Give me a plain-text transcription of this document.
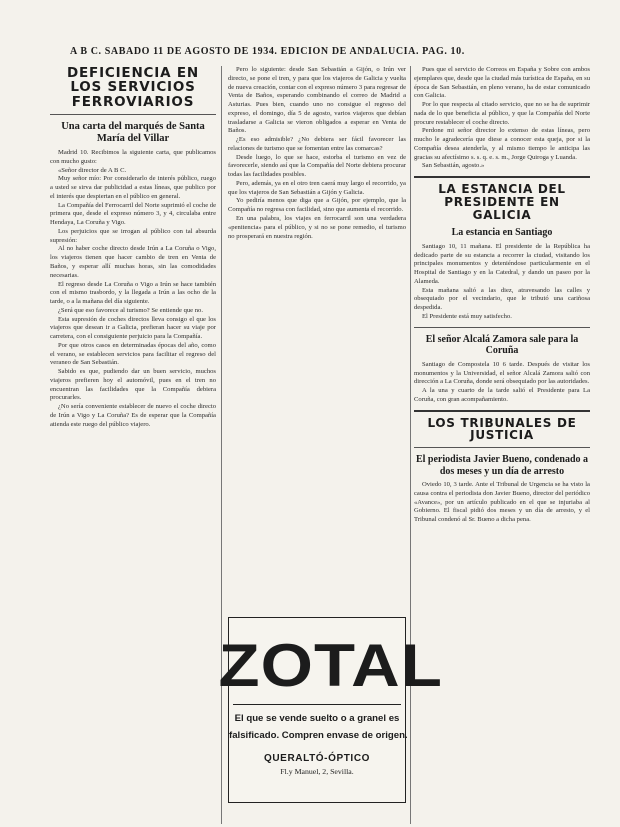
A B C. SABADO 11 DE AGOSTO DE 1934. EDICION DE ANDALUCIA. PAG. 10.
DEFICIENCIA EN LOS SERVICIOS FERROVIARIOS
Una carta del marqués de Santa María del Villar

Madrid 10. Recibimos la siguiente carta, que publicamos con mucho gusto:

«Señor director de A B C.

Muy señor mío: Por considerarlo de interés público, ruego a usted se sirva dar publicidad a estas líneas, que publico por el interés que despiertan en el público en general.

La Compañía del Ferrocarril del Norte suprimió el coche de primera que, desde el expreso número 3, y 4, circulaba entre Hendaya, La Coruña y Vigo.

Los perjuicios que se irrogan al público con tal absurda supresión:

Al no haber coche directo desde Irún a La Coruña o Vigo, los viajeros tienen que hacer cambio de tren en Venta de Baños, y esperar allí muchas horas, sin las comodidades necesarias.

El regreso desde La Coruña o Vigo a Irún se hace también con el mismo trasbordo, y la llegada a Irún a las ocho de la tarde, o a la mañana del día siguiente.

¿Será que eso favorece al turismo? Se entiende que no.

Esta supresión de coches directos lleva consigo el que los viajeros que desean ir a Galicia, prefieran hacer su viaje por carretera, con el consiguiente perjuicio para la Compañía.

Por que otros casos en determinadas épocas del año, como el verano, se establecen servicios para facilitar el regreso del veraneo de San Sebastián.

Sabido es que, pudiendo dar un buen servicio, muchos viajeros prefieren hoy el automóvil, pues en el tren no encuentran las facilidades que la Compañía debiera procurarles.

¿No sería conveniente establecer de nuevo el coche directo de Irún a Vigo y La Coruña? Es de esperar que la Compañía atienda este ruego del público viajero.

Pero lo siguiente: desde San Sebastián a Gijón, o Irún ver directo, se pone el tren, y para que los viajeros de Galicia y vuelta de nueva creación, contar con el expreso número 3 para regresar de Venta de Baños, esperando combinando el correo de Madrid a Asturias. Pues bien, cuando uno no consigue el regreso del expreso, el domingo, día 5 de agosto, varios viajeros que debían trasladarse a Galicia se vieron obligados a esperar en Venta de Baños.

¿Es eso admisible? ¿No debiera ser fácil favorecer las relaciones de turismo que se fomentan entre las comarcas?

Desde luego, lo que se hace, estorba el turismo en vez de favorecerle, siendo así que la Compañía del Norte debiera procurar todas las facilidades posibles.

Pero, además, ya en el otro tren caerá muy largo el recorrido, ya que los viajeros de San Sebastián a Gijón y Galicia.

Yo pediría menos que diga que a Gijón, por ejemplo, que la Compañía no regresa con facilidad, sino que aumenta el recorrido.

En una palabra, los viajes en ferrocarril son una verdadera «penitencia» para el público, y si no se pone remedio, el turismo no prosperará en nuestra región.

ZOTAL
El que se vende suelto o a granel es
falsificado. Compren envase de origen.
QUERALTÓ-ÓPTICO
Fl.y Manuel, 2, Sevilla.

Pues que el servicio de Correos en España y Sobre con ambos ejemplares que, desde que la ciudad más turística de España, en su época de San Sebastián, en pleno verano, ha de estar comunicado con Galicia.

Por lo que respecta al citado servicio, que no se ha de suprimir nada de lo que beneficia al público, y que la Compañía del Norte procure restablecer el coche directo.

Perdone mi señor director lo extenso de estas líneas, pero mucho le agradecería que diese a conocer esta queja, por si la Compañía desea atenderla, y al mismo tiempo le anticipa las gracias su afectísimo s. s. q. e. s. m., Jorge Quiroga y Luanda.

San Sebastián, agosto.»

LA ESTANCIA DEL PRESIDENTE EN GALICIA
La estancia en Santiago

Santiago 10, 11 mañana. El presidente de la República ha dedicado parte de su estancia a recorrer la ciudad, visitando los principales monumentos y deteniéndose particularmente en el Hospital de Santiago y en la Catedral, y dando un paseo por la Alameda.

Esta mañana salió a las diez, atravesando las calles y obsequiado por el vecindario, que le tributó una cariñosa despedida.

El Presidente está muy satisfecho.

El señor Alcalá Zamora sale para la Coruña

Santiago de Compostela 10 6 tarde. Después de visitar los monumentos y la Universidad, el señor Alcalá Zamora salió con dirección a La Coruña, donde será obsequiado por las autoridades.

A la una y cuarto de la tarde salió el Presidente para La Coruña, con gran acompañamiento.

LOS TRIBUNALES DE JUSTICIA
El periodista Javier Bueno, condenado a dos meses y un día de arresto

Oviedo 10, 3 tarde. Ante el Tribunal de Urgencia se ha visto la causa contra el periodista don Javier Bueno, director del periódico «Avance», por un artículo publicado en el que se injuriaba al Gobierno. El fiscal pidió dos meses y un día de arresto, y el Tribunal condenó al Sr. Bueno a dicha pena.
